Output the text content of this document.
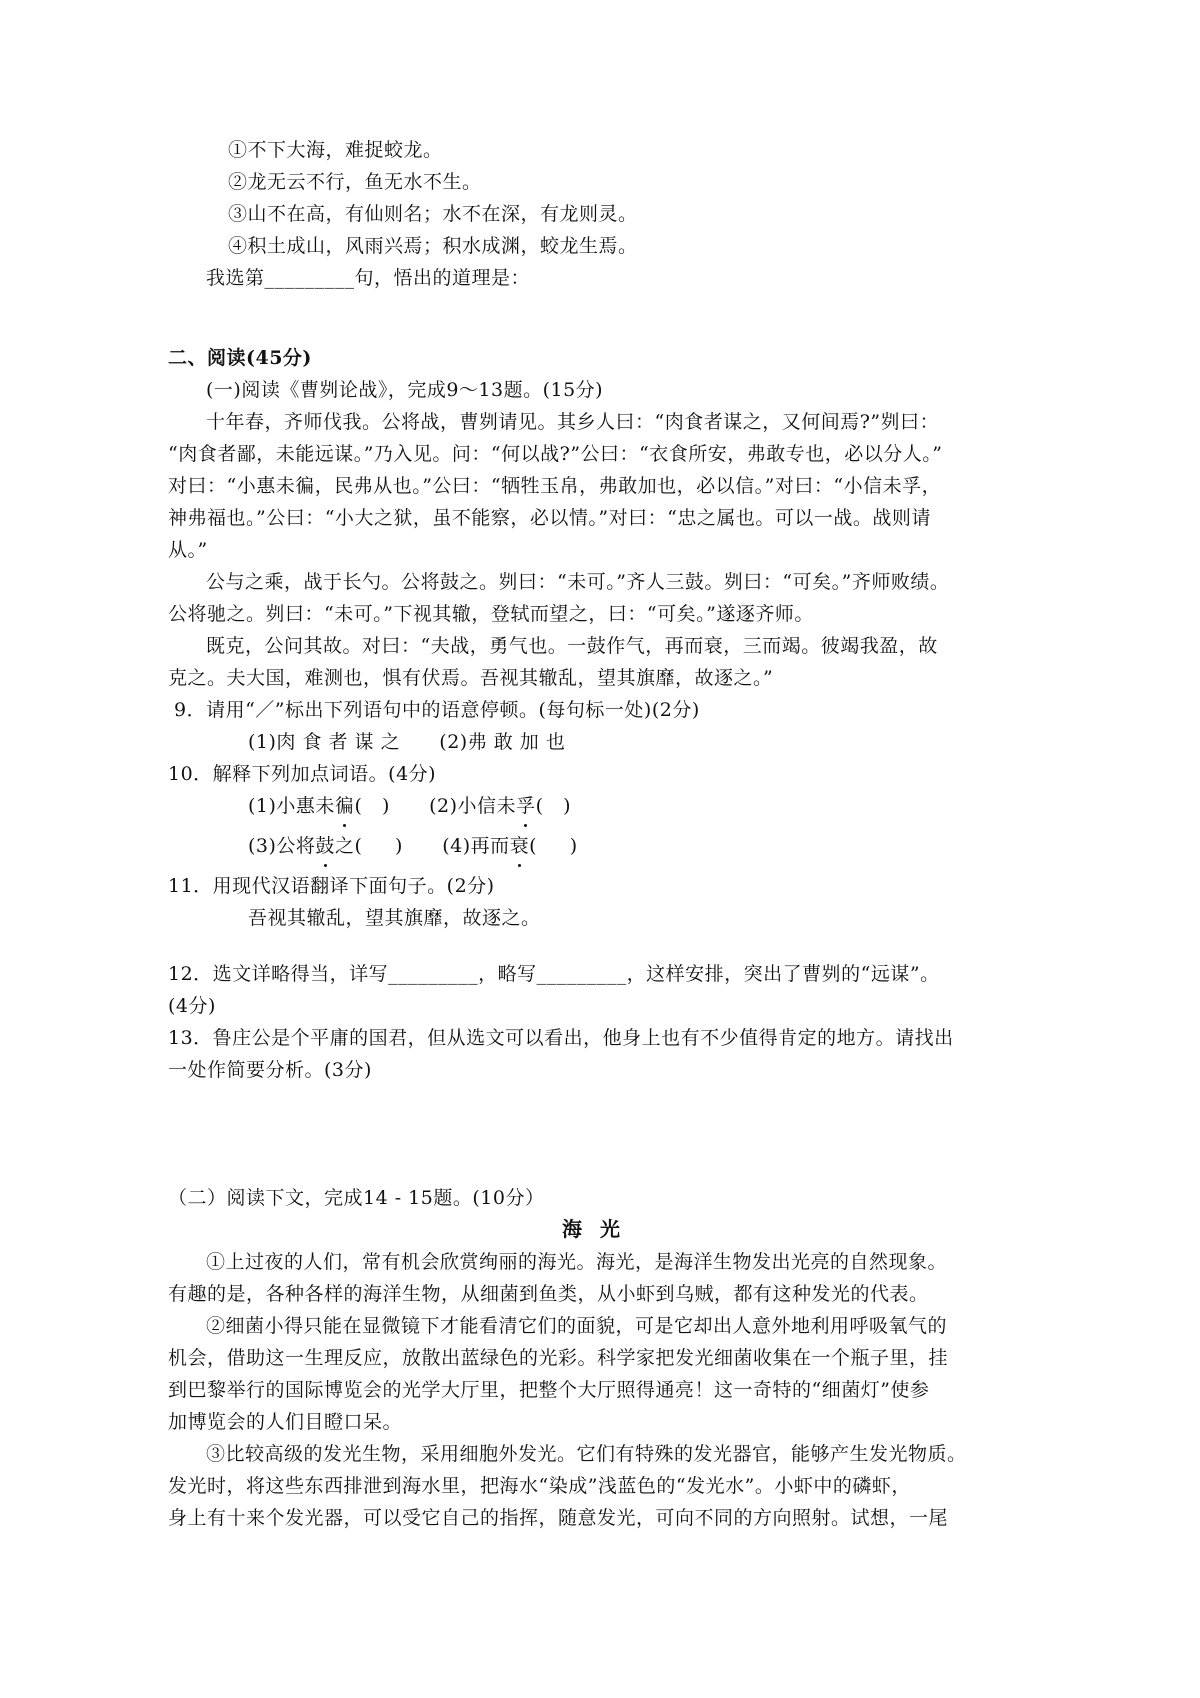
①不下大海，难捉蛟龙。
②龙无云不行，鱼无水不生。
③山不在高，有仙则名；水不在深，有龙则灵。
④积土成山，风雨兴焉；积水成渊，蛟龙生焉。
我选第_________句，悟出的道理是：
二、阅读(45分)
(一)阅读《曹刿论战》，完成9～13题。(15分)
十年春，齐师伐我。公将战，曹刿请见。其乡人曰：“肉食者谋之，又何间焉?”刿曰：
“肉食者鄙，未能远谋。”乃入见。问：“何以战?”公曰：“衣食所安，弗敢专也，必以分人。”
对曰：“小惠未徧，民弗从也。”公曰：“牺牲玉帛，弗敢加也，必以信。”对曰：“小信未孚，
神弗福也。”公曰：“小大之狱，虽不能察，必以情。”对曰：“忠之属也。可以一战。战则请
从。”
公与之乘，战于长勺。公将鼓之。刿曰：“未可。”齐人三鼓。刿曰：“可矣。”齐师败绩。
公将驰之。刿曰：“未可。”下视其辙，登轼而望之，曰：“可矣。”遂逐齐师。
既克，公问其故。对曰：“夫战，勇气也。一鼓作气，再而衰，三而竭。彼竭我盈，故
克之。夫大国，难测也，惧有伏焉。吾视其辙乱，望其旗靡，故逐之。”
9．请用“／”标出下列语句中的语意停顿。(每句标一处)(2分)
(1)肉 食 者 谋 之      (2)弗 敢 加 也
10．解释下列加点词语。(4分)
(1)小惠未徧(   )      (2)小信未孚(   )
(3)公将鼓之(     )      (4)再而衰(     )
11．用现代汉语翻译下面句子。(2分)
吾视其辙乱，望其旗靡，故逐之。
12．选文详略得当，详写_________，略写_________，这样安排，突出了曹刿的“远谋”。
(4分)
13．鲁庄公是个平庸的国君，但从选文可以看出，他身上也有不少值得肯定的地方。请找出
一处作简要分析。(3分)
（二）阅读下文，完成14 - 15题。(10分）
海光
①上过夜的人们，常有机会欣赏绚丽的海光。海光，是海洋生物发出光亮的自然现象。
有趣的是，各种各样的海洋生物，从细菌到鱼类，从小虾到乌贼，都有这种发光的代表。
②细菌小得只能在显微镜下才能看清它们的面貌，可是它却出人意外地利用呼吸氧气的
机会，借助这一生理反应，放散出蓝绿色的光彩。科学家把发光细菌收集在一个瓶子里，挂
到巴黎举行的国际博览会的光学大厅里，把整个大厅照得通亮！这一奇特的“细菌灯”使参
加博览会的人们目瞪口呆。
③比较高级的发光生物，采用细胞外发光。它们有特殊的发光器官，能够产生发光物质。
发光时，将这些东西排泄到海水里，把海水“染成”浅蓝色的“发光水”。小虾中的磷虾，
身上有十来个发光器，可以受它自己的指挥，随意发光，可向不同的方向照射。试想，一尾
